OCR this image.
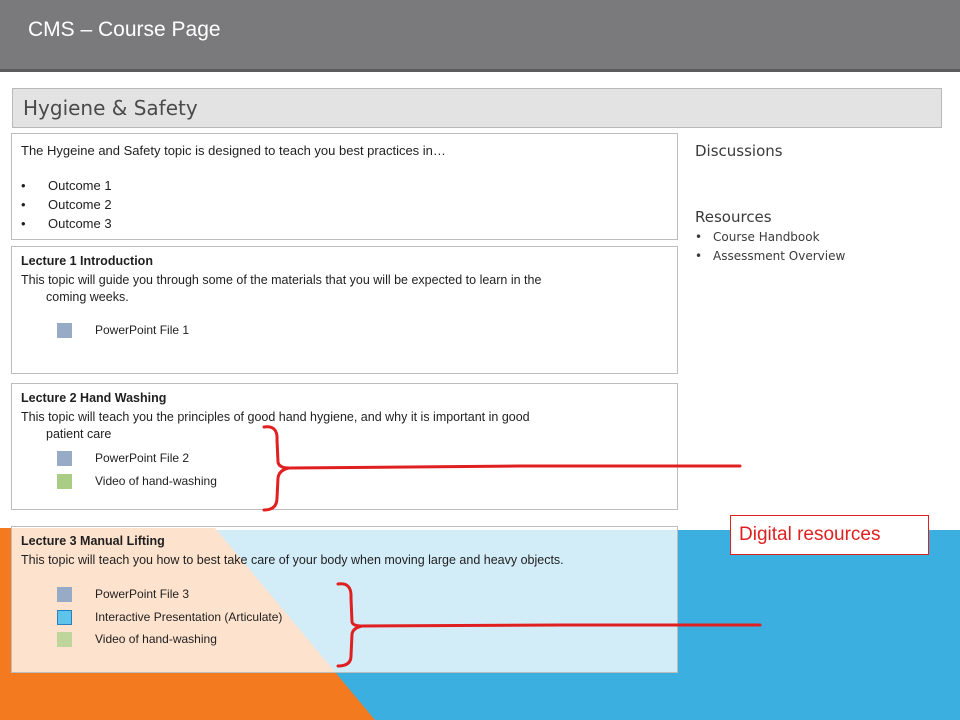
CMS – Course Page
Hygiene & Safety
The Hygeine and Safety topic is designed to teach you best practices in…
• Outcome 1
• Outcome 2
• Outcome 3
Lecture 1 Introduction
This topic will guide you through some of the materials that you will be expected to learn in the
coming weeks.
PowerPoint File 1
Lecture 2 Hand Washing
This topic will teach you the principles of good hand hygiene, and why it is important in good
patient care
PowerPoint File 2
Video of hand-washing
Lecture 3 Manual Lifting
This topic will teach you how to best take care of your body when moving large and heavy objects.
PowerPoint File 3
Interactive Presentation (Articulate)
Video of hand-washing
Discussions
Resources
• Course Handbook
• Assessment Overview
Digital resources
